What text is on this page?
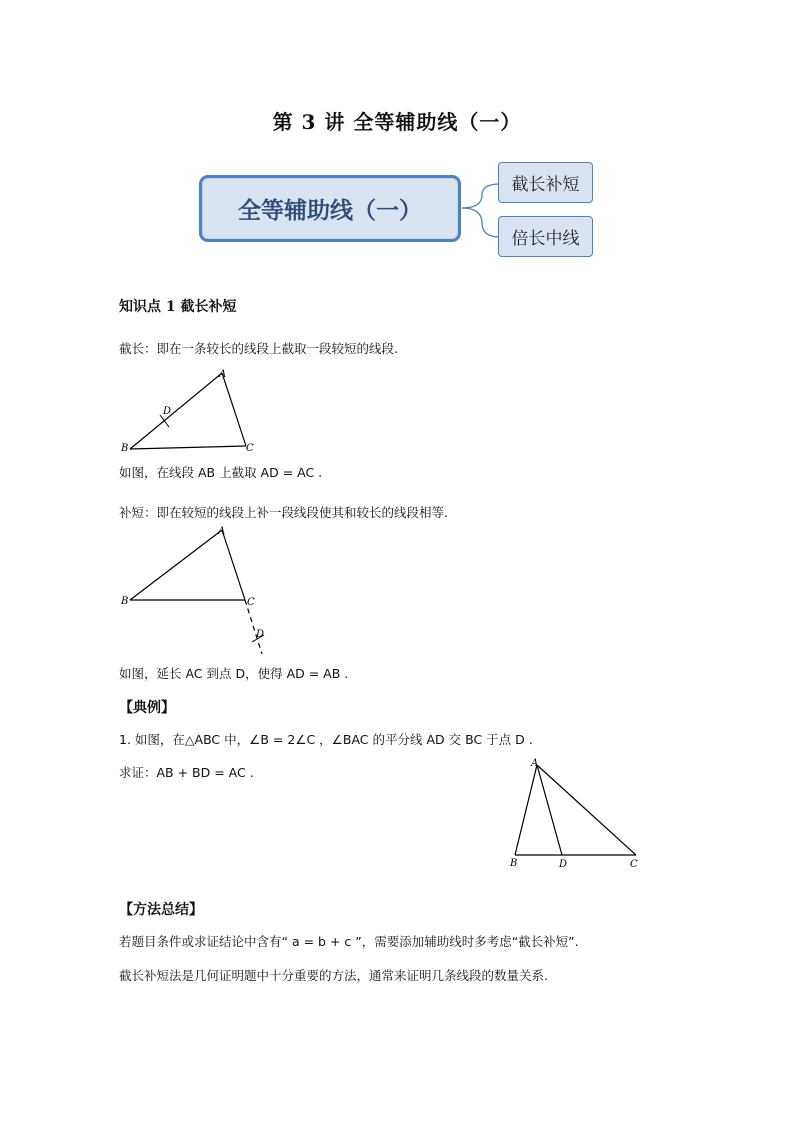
第 3 讲 全等辅助线（一）
全等辅助线（一）
截长补短
倍长中线
知识点 1 截长补短
截长：即在一条较长的线段上截取一段较短的线段.
A
B	C
D
如图，在线段 AB 上截取 AD = AC .
补短：即在较短的线段上补一段线段使其和较长的线段相等.
A
B	C
D
如图，延长 AC 到点 D，使得 AD = AB .
【典例】
1. 如图，在△ABC 中，∠B = 2∠C ，∠BAC 的平分线 AD 交 BC 于点 D .
求证：AB + BD = AC .
A
B	D	C
【方法总结】
若题目条件或求证结论中含有“ a = b + c ”，需要添加辅助线时多考虑“截长补短”.
截长补短法是几何证明题中十分重要的方法，通常来证明几条线段的数量关系.
